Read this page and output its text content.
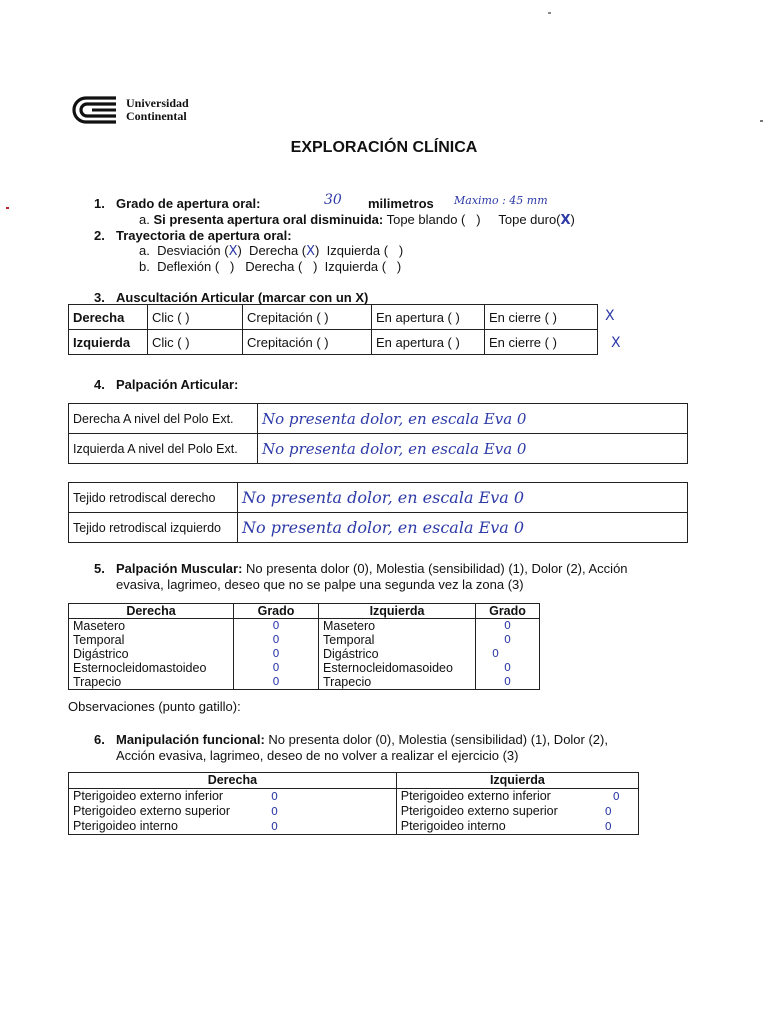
Universidad
Continental
EXPLORACIÓN CLÍNICA
1. Grado de apertura oral:	30 milimetros Maximo : 45 mm
a. Si presenta apertura oral disminuida: Tope blando (   )     Tope duro(X)
2. Trayectoria de apertura oral:
a.  Desviación (X)  Derecha (X)  Izquierda (   )
b.  Deflexión (   )   Derecha (   )  Izquierda (   )
3. Auscultación Articular (marcar con un X)
Derecha	Clic ( )	Crepitación ( )	En apertura ( )	En cierre ( )
Izquierda	Clic ( )	Crepitación ( )	En apertura ( )	En cierre ( )
X
X
4. Palpación Articular:
Derecha A nivel del Polo Ext.	No presenta dolor, en escala Eva 0
Izquierda A nivel del Polo Ext.	No presenta dolor, en escala Eva 0
Tejido retrodiscal derecho	No presenta dolor, en escala Eva 0
Tejido retrodiscal izquierdo	No presenta dolor, en escala Eva 0
5. Palpación Muscular: No presenta dolor (0), Molestia (sensibilidad) (1), Dolor (2), Acción
evasiva, lagrimeo, deseo que no se palpe una segunda vez la zona (3)
Derecha	Grado	Izquierda	Grado
Masetero	0	Masetero	0
Temporal	0	Temporal	0
Digástrico	0	Digástrico	0
Esternocleidomastoideo	0	Esternocleidomasoideo	0
Trapecio	0	Trapecio	0
Observaciones (punto gatillo):
6. Manipulación funcional: No presenta dolor (0), Molestia (sensibilidad) (1), Dolor (2),
Acción evasiva, lagrimeo, deseo de no volver a realizar el ejercicio (3)
Derecha		Izquierda	
Pterigoideo externo inferior	0	Pterigoideo externo inferior	0
Pterigoideo externo superior	0	Pterigoideo externo superior	0
Pterigoideo interno	0	Pterigoideo interno	0
